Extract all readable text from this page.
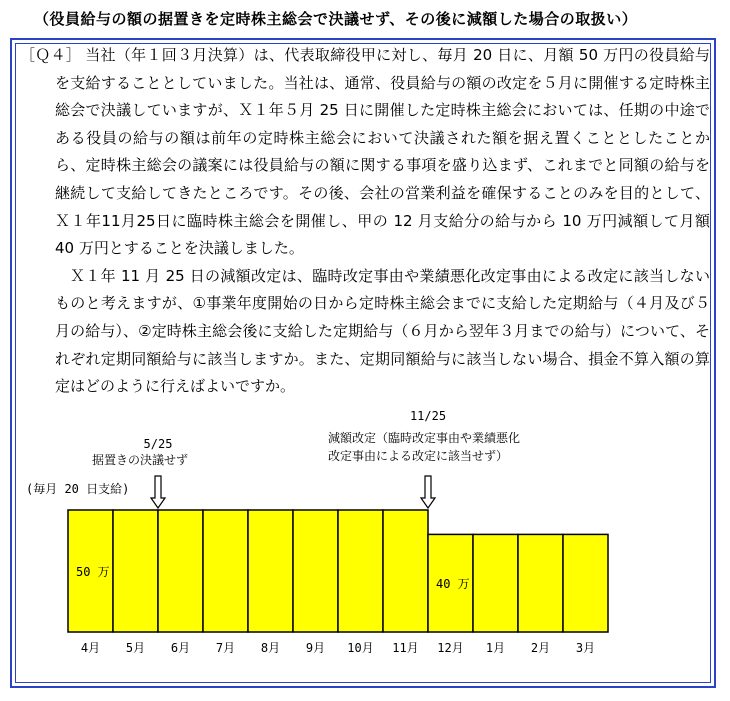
（役員給与の額の据置きを定時株主総会で決議せず、その後に減額した場合の取扱い）

［Ｑ４］ 当社（年１回３月決算）は、代表取締役甲に対し、毎月 20 日に、月額 50 万円の役員給与を支給することとしていました。当社は、通常、役員給与の額の改定を５月に開催する定時株主総会で決議していますが、Ｘ１年５月 25 日に開催した定時株主総会においては、任期の中途である役員の給与の額は前年の定時株主総会において決議された額を据え置くこととしたことから、定時株主総会の議案には役員給与の額に関する事項を盛り込まず、これまでと同額の給与を継続して支給してきたところです。その後、会社の営業利益を確保することのみを目的として、Ｘ１年11月25日に臨時株主総会を開催し、甲の 12 月支給分の給与から 10 万円減額して月額 40 万円とすることを決議しました。

Ｘ１年 11 月 25 日の減額改定は、臨時改定事由や業績悪化改定事由による改定に該当しないものと考えますが、①事業年度開始の日から定時株主総会までに支給した定期給与（４月及び５月の給与）、②定時株主総会後に支給した定期給与（６月から翌年３月までの給与）について、それぞれ定期同額給与に該当しますか。また、定期同額給与に該当しない場合、損金不算入額の算定はどのように行えばよいですか。

4月 5月 6月 7月 8月 9月 10月 11月 12月 1月 2月 3月
50 万
40 万
5/25
据置きの決議せず
11/25
減額改定（臨時改定事由や業績悪化
改定事由による改定に該当せず）
(毎月 20 日支給)
